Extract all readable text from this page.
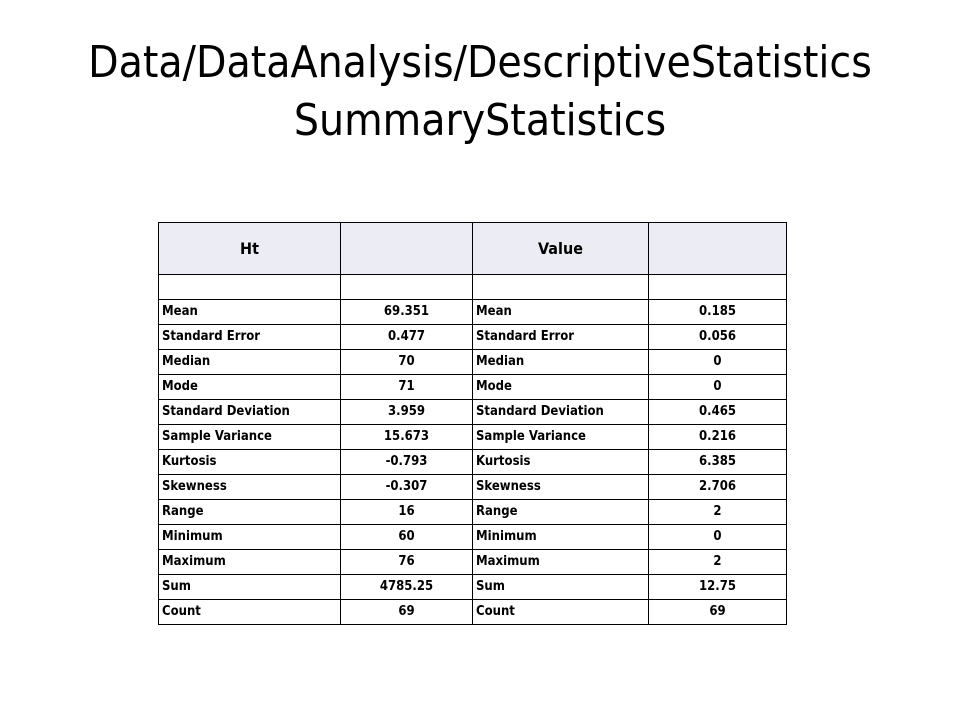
Data/DataAnalysis/DescriptiveStatistics
SummaryStatistics
Ht		Value	

Mean	69.351	Mean	0.185
Standard Error	0.477	Standard Error	0.056
Median	70	Median	0
Mode	71	Mode	0
Standard Deviation	3.959	Standard Deviation	0.465
Sample Variance	15.673	Sample Variance	0.216
Kurtosis	-0.793	Kurtosis	6.385
Skewness	-0.307	Skewness	2.706
Range	16	Range	2
Minimum	60	Minimum	0
Maximum	76	Maximum	2
Sum	4785.25	Sum	12.75
Count	69	Count	69
